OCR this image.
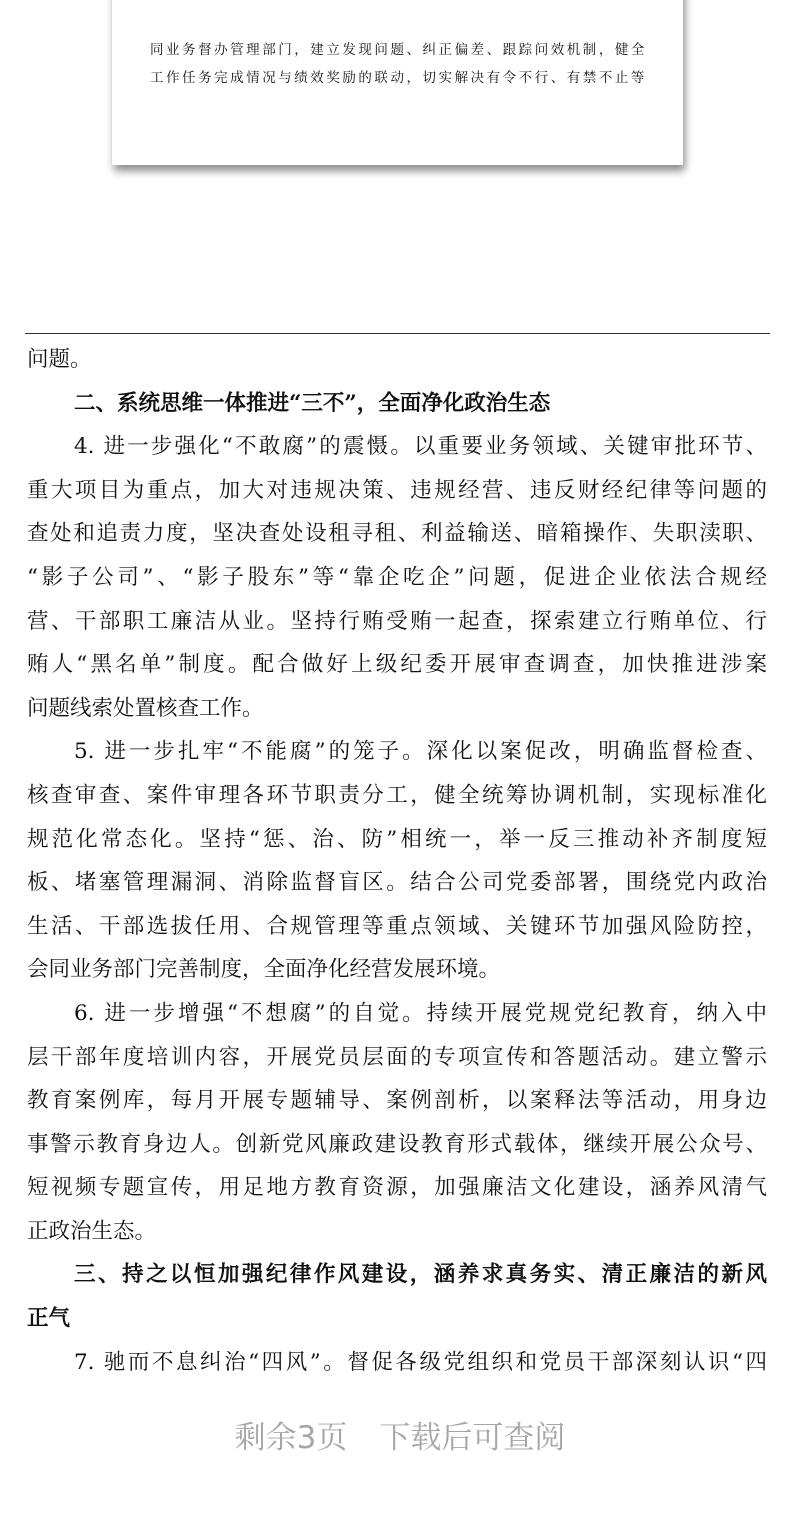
同业务督办管理部门，建立发现问题、纠正偏差、跟踪问效机制，健全
工作任务完成情况与绩效奖励的联动，切实解决有令不行、有禁不止等
问题。
二、系统思维一体推进“三不”，全面净化政治生态
4. 进一步强化“不敢腐”的震慑。以重要业务领域、关键审批环节、
重大项目为重点，加大对违规决策、违规经营、违反财经纪律等问题的
查处和追责力度，坚决查处设租寻租、利益输送、暗箱操作、失职渎职、
“影子公司”、“影子股东”等“靠企吃企”问题，促进企业依法合规经
营、干部职工廉洁从业。坚持行贿受贿一起查，探索建立行贿单位、行
贿人“黑名单”制度。配合做好上级纪委开展审查调查，加快推进涉案
问题线索处置核查工作。
5. 进一步扎牢“不能腐”的笼子。深化以案促改，明确监督检查、
核查审查、案件审理各环节职责分工，健全统筹协调机制，实现标准化
规范化常态化。坚持“惩、治、防”相统一，举一反三推动补齐制度短
板、堵塞管理漏洞、消除监督盲区。结合公司党委部署，围绕党内政治
生活、干部选拔任用、合规管理等重点领域、关键环节加强风险防控，
会同业务部门完善制度，全面净化经营发展环境。
6. 进一步增强“不想腐”的自觉。持续开展党规党纪教育，纳入中
层干部年度培训内容，开展党员层面的专项宣传和答题活动。建立警示
教育案例库，每月开展专题辅导、案例剖析，以案释法等活动，用身边
事警示教育身边人。创新党风廉政建设教育形式载体，继续开展公众号、
短视频专题宣传，用足地方教育资源，加强廉洁文化建设，涵养风清气
正政治生态。
三、持之以恒加强纪律作风建设，涵养求真务实、清正廉洁的新风
正气
7. 驰而不息纠治“四风”。督促各级党组织和党员干部深刻认识“四
剩余3页 下载后可查阅
